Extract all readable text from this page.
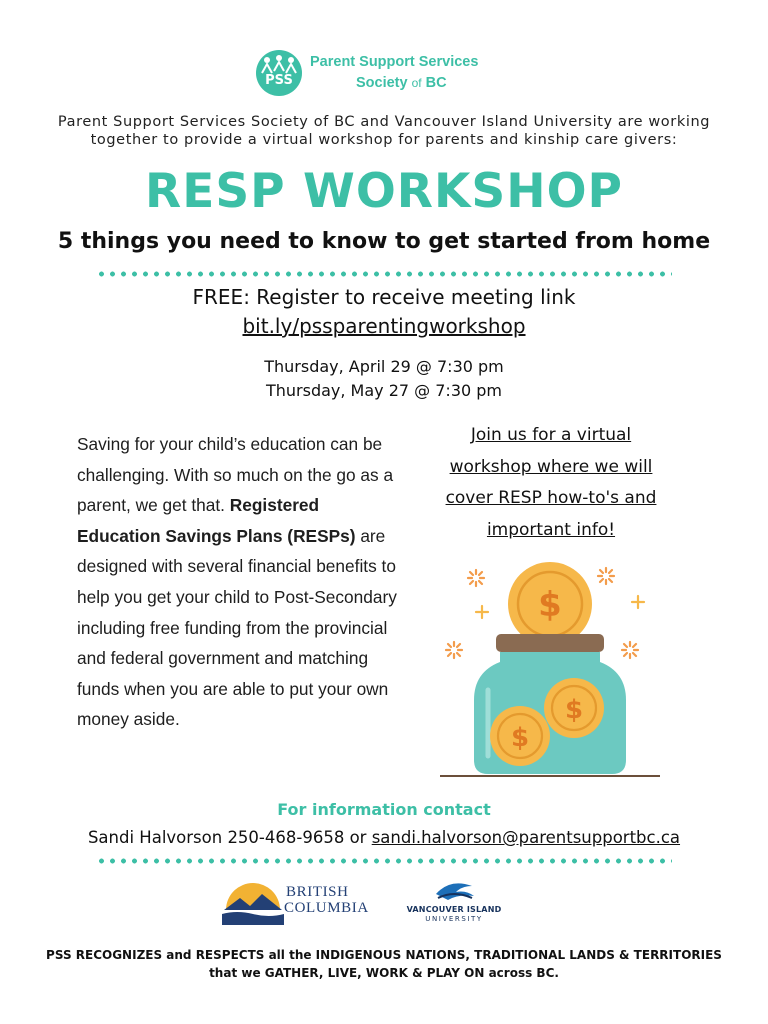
PSS
Parent Support Services
Society of BC
Parent Support Services Society of BC and Vancouver Island University are working together to provide a virtual workshop for parents and kinship care givers:
RESP WORKSHOP
5 things you need to know to get started from home
FREE: Register to receive meeting link
bit.ly/pssparentingworkshop
Thursday, April 29 @ 7:30 pm
Thursday, May 27 @ 7:30 pm
Saving for your child’s education can be challenging. With so much on the go as a parent, we get that. Registered Education Savings Plans (RESPs) are designed with several financial benefits to help you get your child to Post-Secondary including free funding from the provincial and federal government and matching funds when you are able to put your own money aside.
Join us for a virtual
workshop where we will
cover RESP how-to's and
important info!
$
$
$
For information contact
Sandi Halvorson 250-468-9658 or sandi.halvorson@parentsupportbc.ca
BRITISH
COLUMBIA	VANCOUVER ISLAND
UNIVERSITY
PSS RECOGNIZES and RESPECTS all the INDIGENOUS NATIONS, TRADITIONAL LANDS & TERRITORIES
that we GATHER, LIVE, WORK & PLAY ON across BC.
